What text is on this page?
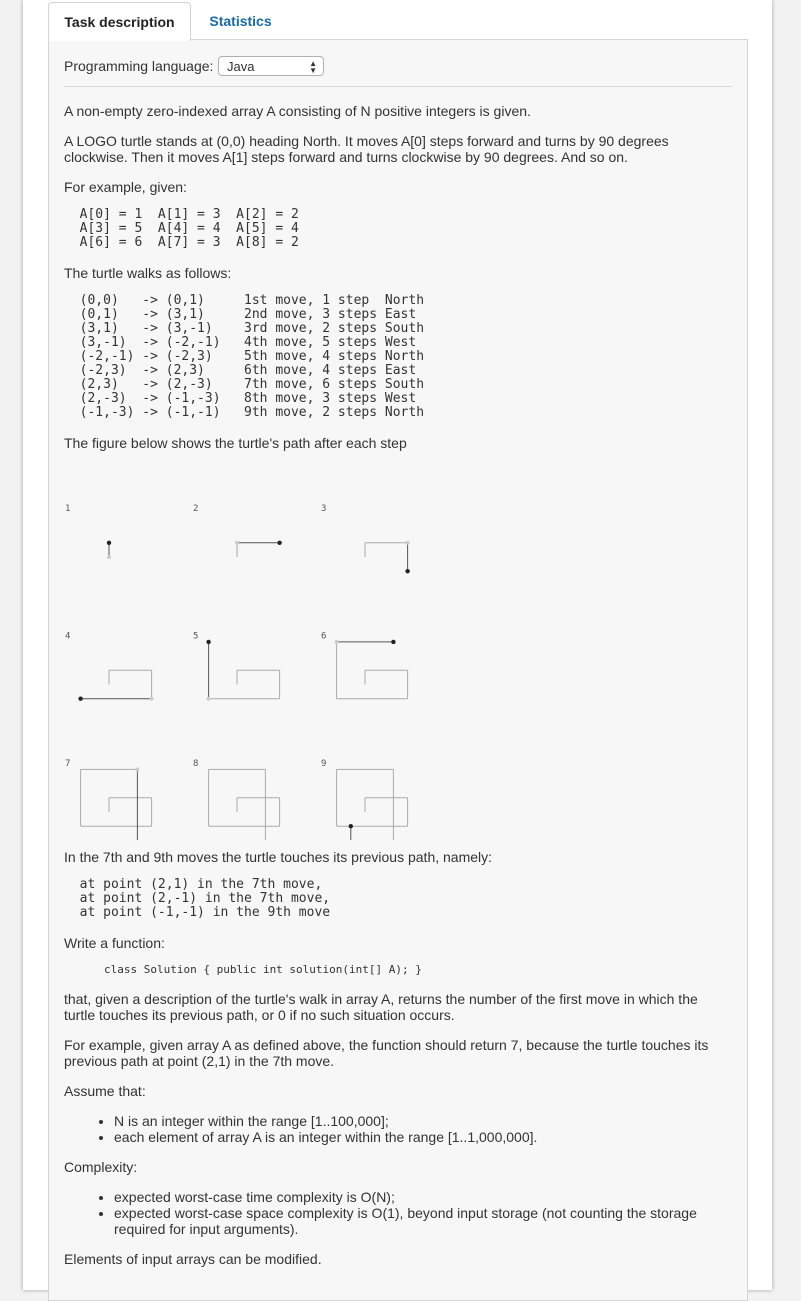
Task description	Statistics
Programming language:	Java	▲
▼
A non-empty zero-indexed array A consisting of N positive integers is given.
A LOGO turtle stands at (0,0) heading North. It moves A[0] steps forward and turns by 90 degrees clockwise. Then it moves A[1] steps forward and turns clockwise by 90 degrees. And so on.
For example, given:
A[0] = 1  A[1] = 3  A[2] = 2
A[3] = 5  A[4] = 4  A[5] = 4
A[6] = 6  A[7] = 3  A[8] = 2
The turtle walks as follows:
(0,0)   -> (0,1)     1st move, 1 step  North
(0,1)   -> (3,1)     2nd move, 3 steps East
(3,1)   -> (3,-1)    3rd move, 2 steps South
(3,-1)  -> (-2,-1)   4th move, 5 steps West
(-2,-1) -> (-2,3)    5th move, 4 steps North
(-2,3)  -> (2,3)     6th move, 4 steps East
(2,3)   -> (2,-3)    7th move, 6 steps South
(2,-3)  -> (-1,-3)   8th move, 3 steps West
(-1,-3) -> (-1,-1)   9th move, 2 steps North
The figure below shows the turtle's path after each step
1	2	3
4	5	6
7	8	9
In the 7th and 9th moves the turtle touches its previous path, namely:
at point (2,1) in the 7th move,
at point (2,-1) in the 7th move,
at point (-1,-1) in the 9th move
Write a function:
class Solution { public int solution(int[] A); }
that, given a description of the turtle's walk in array A, returns the number of the first move in which the turtle touches its previous path, or 0 if no such situation occurs.
For example, given array A as defined above, the function should return 7, because the turtle touches its previous path at point (2,1) in the 7th move.
Assume that:
• N is an integer within the range [1..100,000];
• each element of array A is an integer within the range [1..1,000,000].
Complexity:
• expected worst-case time complexity is O(N);
• expected worst-case space complexity is O(1), beyond input storage (not counting the storage required for input arguments).
Elements of input arrays can be modified.
